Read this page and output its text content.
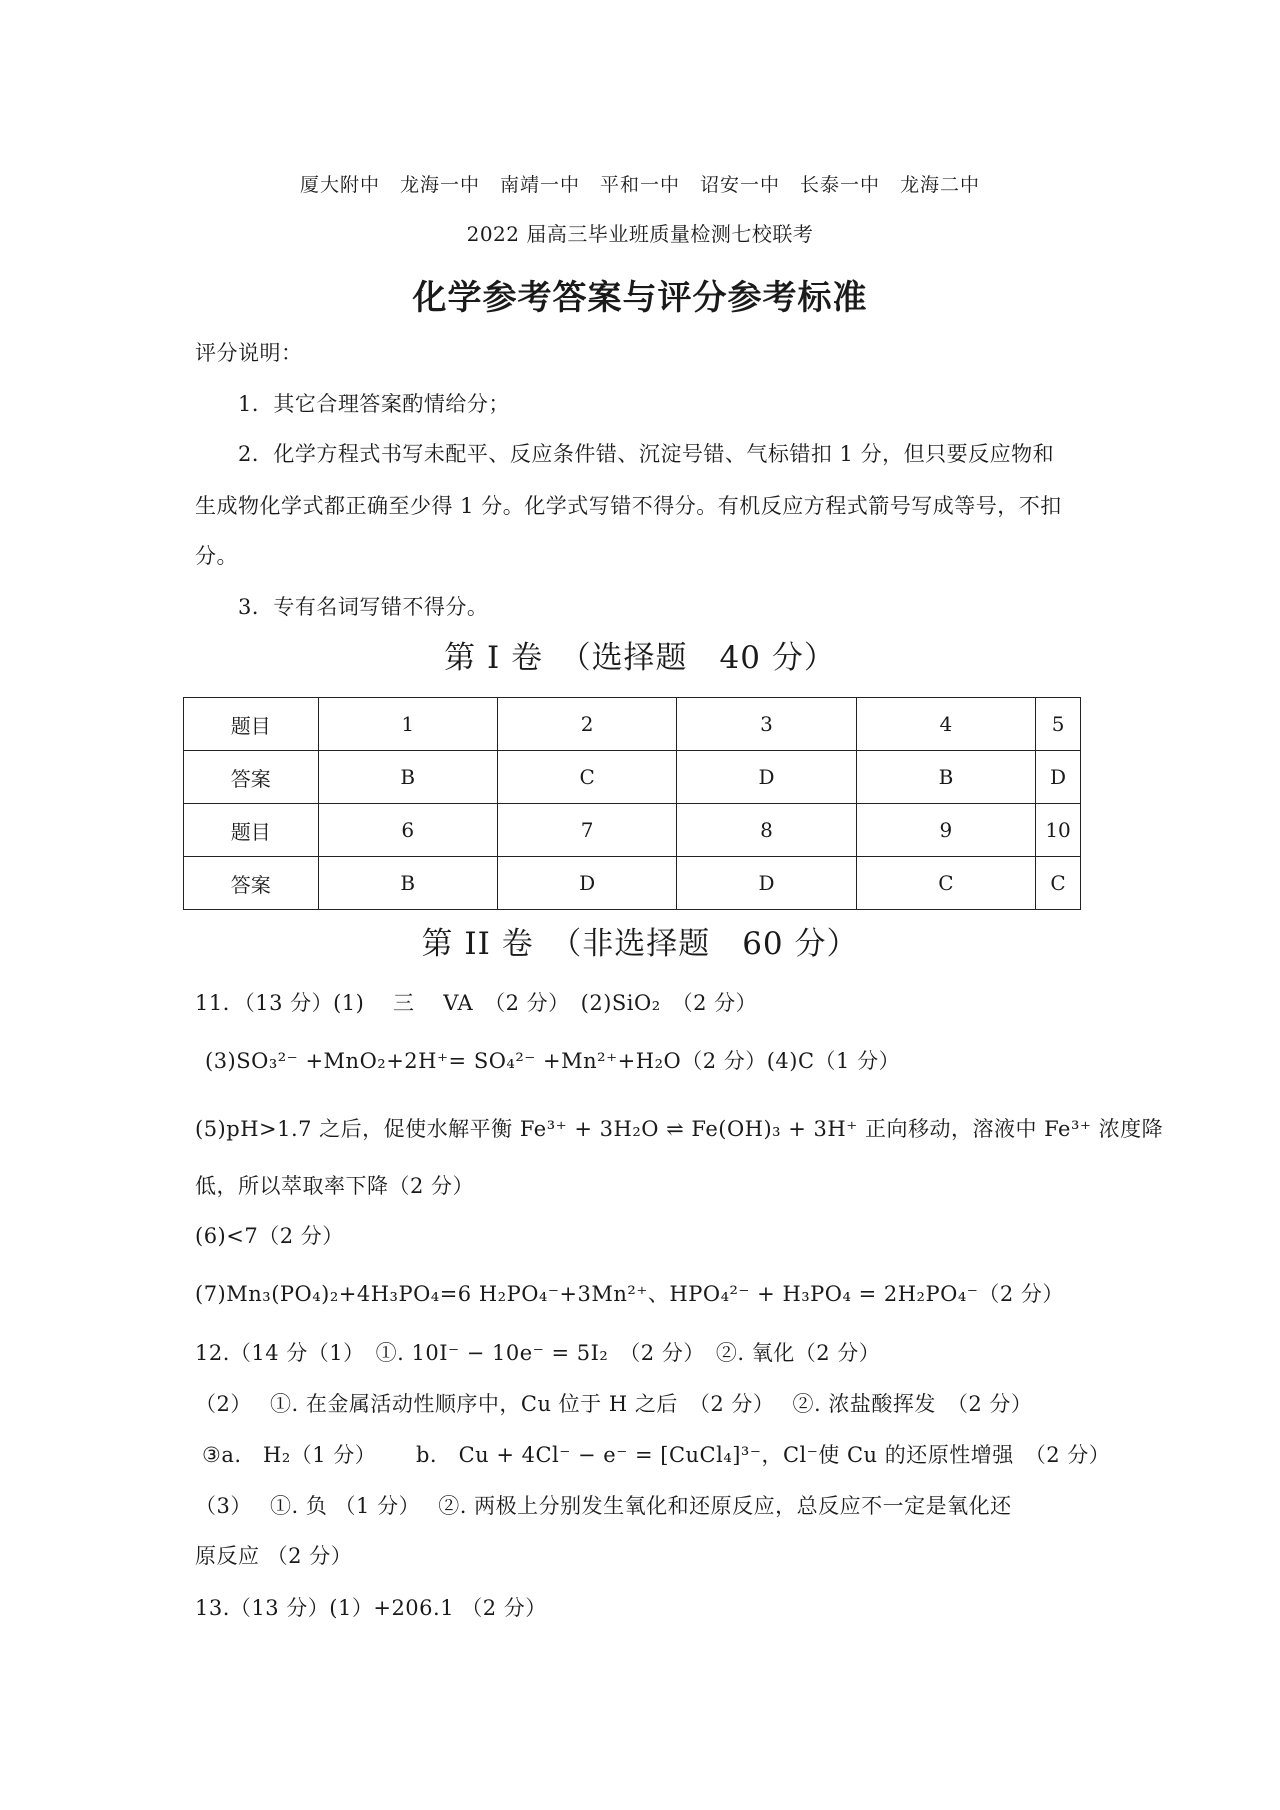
厦大附中　龙海一中　南靖一中　平和一中　诏安一中　长泰一中　龙海二中
2022 届高三毕业班质量检测七校联考
化学参考答案与评分参考标准
评分说明：
1．其它合理答案酌情给分；
2．化学方程式书写未配平、反应条件错、沉淀号错、气标错扣 1 分，但只要反应物和
生成物化学式都正确至少得 1 分。化学式写错不得分。有机反应方程式箭号写成等号，不扣
分。
3．专有名词写错不得分。
第 I 卷　（选择题　40 分）
题目	1	2	3	4	5
答案	B	C	D	B	D
题目	6	7	8	9	10
答案	B	D	D	C	C
第 II 卷　（非选择题　60 分）
11．（13 分）(1)　 三　 VA　（2 分）　(2)SiO₂　（2 分）
(3)SO₃²⁻ +MnO₂+2H⁺= SO₄²⁻ +Mn²⁺+H₂O（2 分）(4)C（1 分）
(5)pH>1.7 之后，促使水解平衡 Fe³⁺ + 3H₂O ⇌ Fe(OH)₃ + 3H⁺ 正向移动，溶液中 Fe³⁺ 浓度降
低，所以萃取率下降（2 分）
(6)<7（2 分）
(7)Mn₃(PO₄)₂+4H₃PO₄=6 H₂PO₄⁻+3Mn²⁺、HPO₄²⁻ + H₃PO₄ = 2H₂PO₄⁻（2 分）
12.（14 分（1）　①. 10I⁻ − 10e⁻ = 5I₂　（2 分）　②. 氧化（2 分）
（2）　 ①. 在金属活动性顺序中，Cu 位于 H 之后　（2 分）　 ②. 浓盐酸挥发　（2 分）
③a.　H₂（1 分）　　 b.　Cu + 4Cl⁻ − e⁻ = [CuCl₄]³⁻，Cl⁻使 Cu 的还原性增强　（2 分）
（3）　 ①. 负 （1 分）　 ②. 两极上分别发生氧化和还原反应，总反应不一定是氧化还
原反应 （2 分）
13.（13 分）(1）+206.1 （2 分）
